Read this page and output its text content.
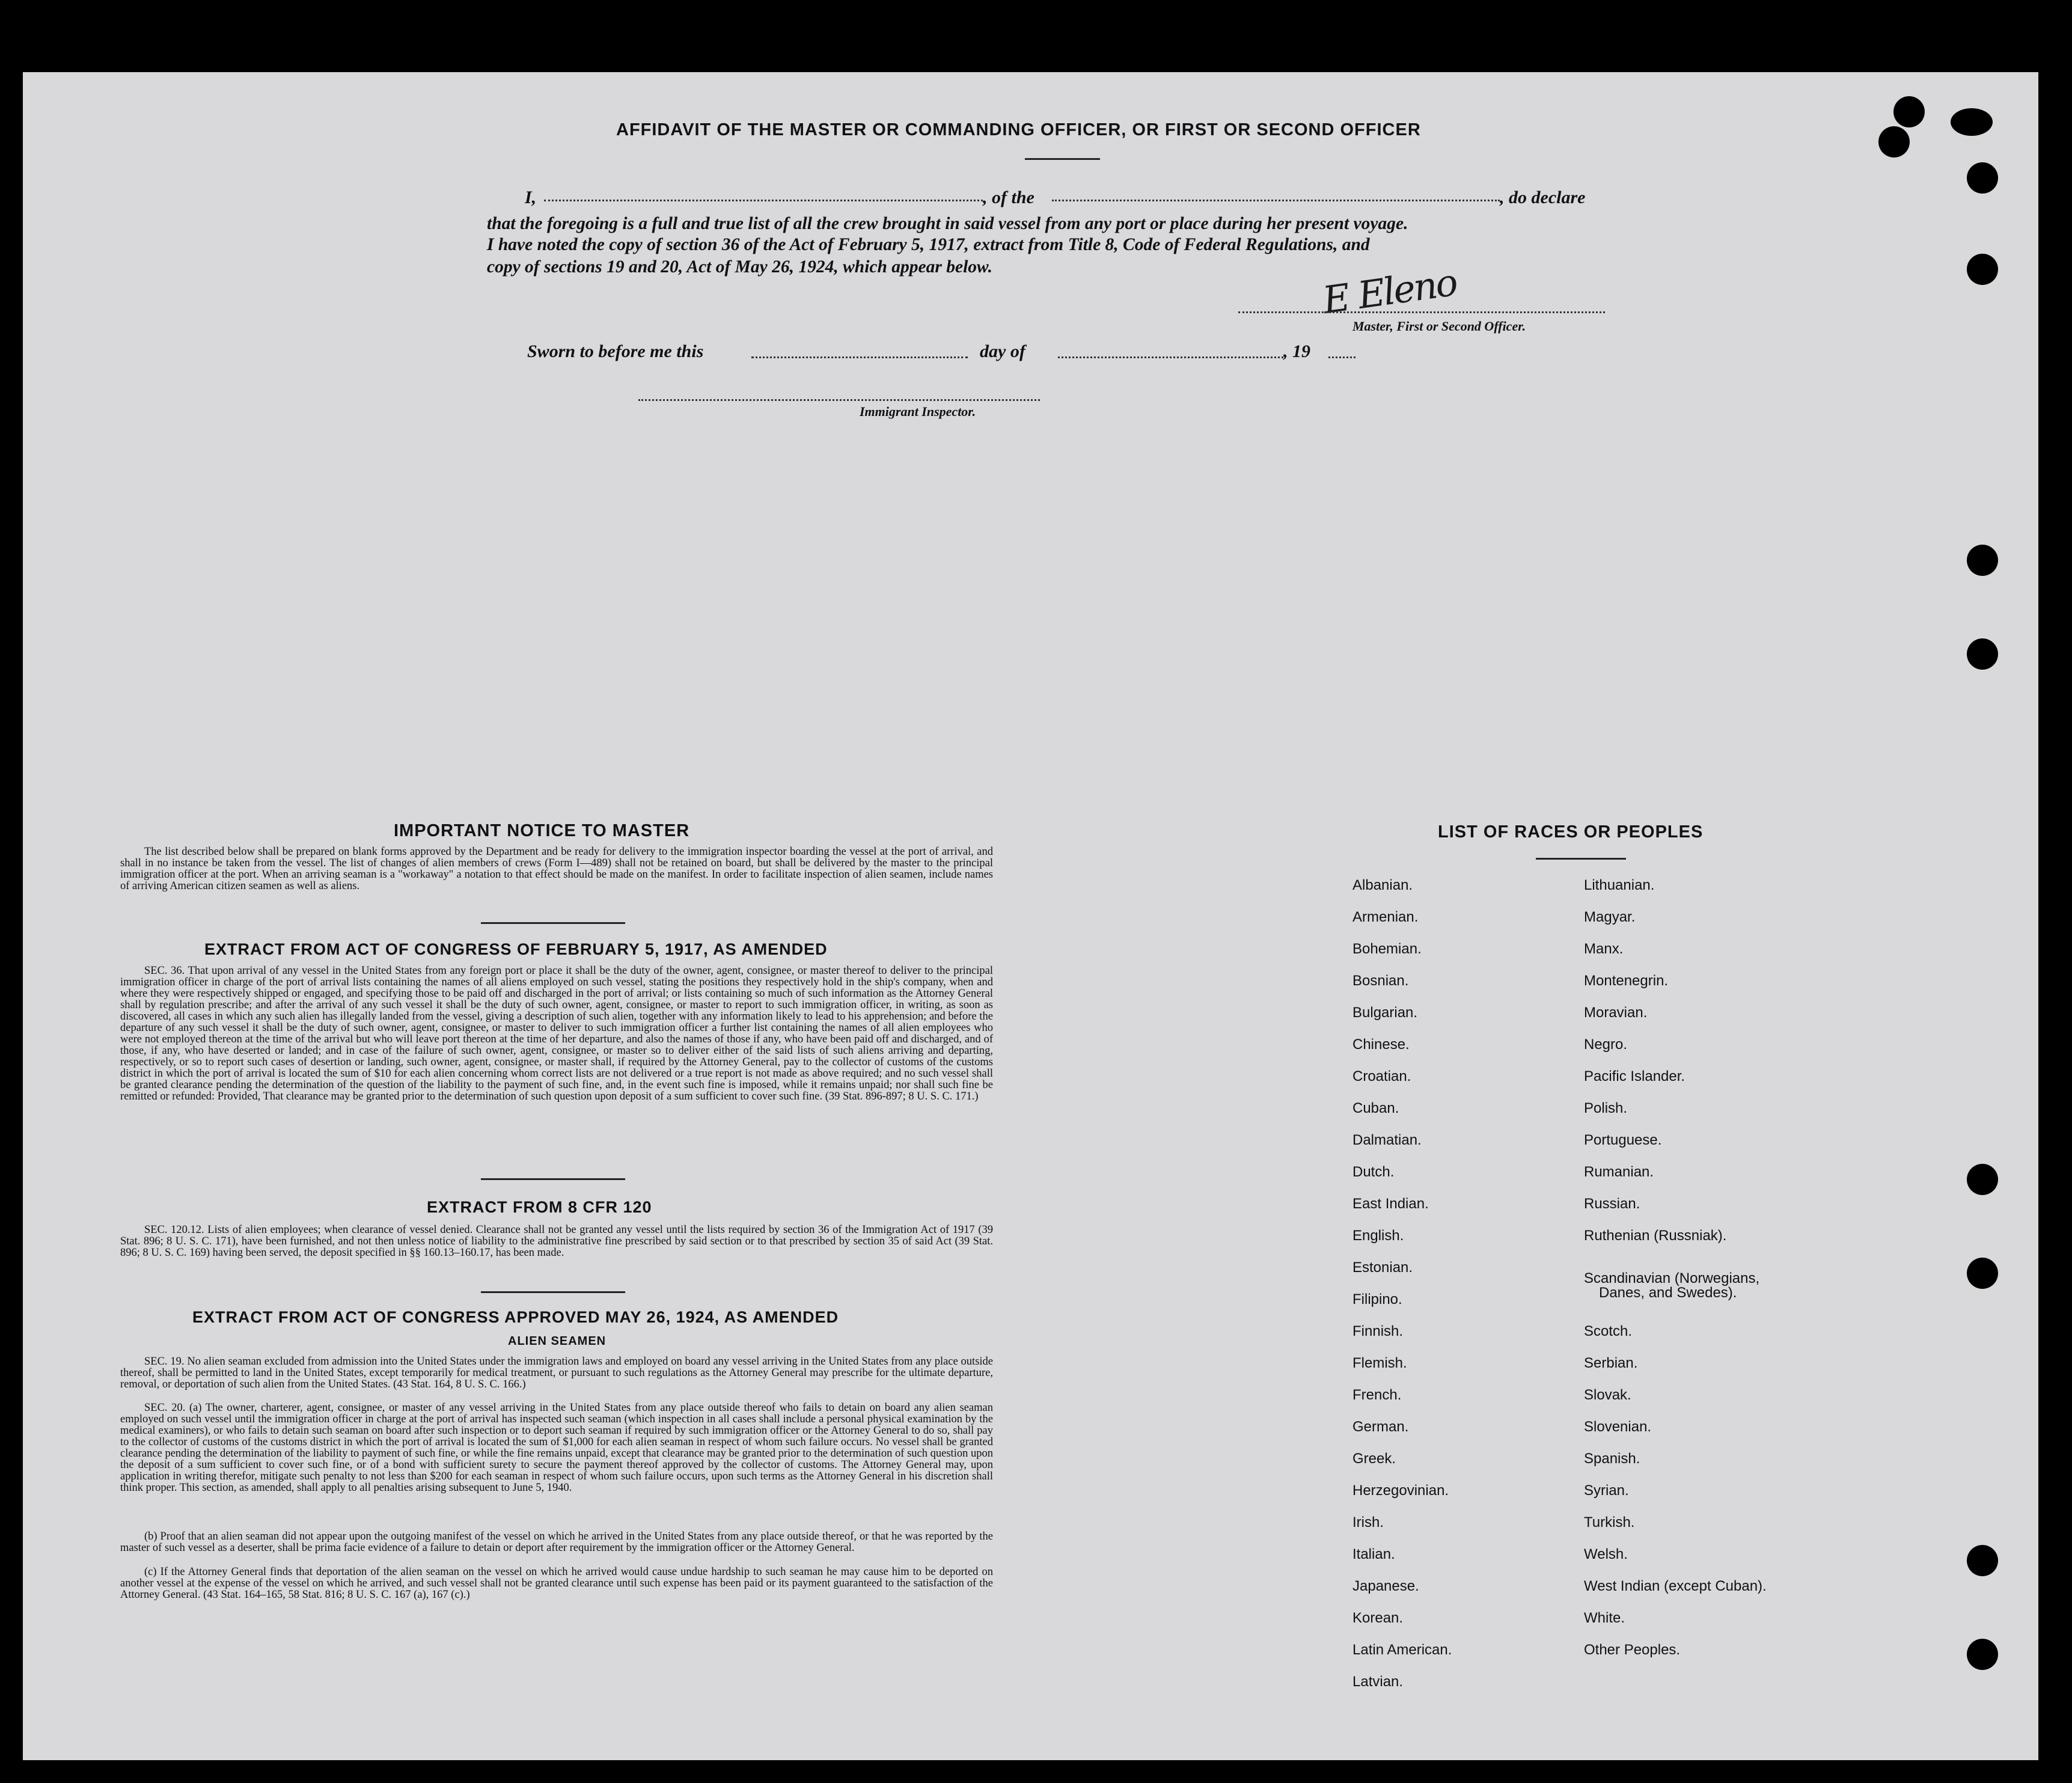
AFFIDAVIT OF THE MASTER OR COMMANDING OFFICER, OR FIRST OR SECOND OFFICER
I,	, of the	, do declare
that the foregoing is a full and true list of all the crew brought in said vessel from any port or place during her present voyage.
I have noted the copy of section 36 of the Act of February 5, 1917, extract from Title 8, Code of Federal Regulations, and
copy of sections 19 and 20, Act of May 26, 1924, which appear below.	E Eleno
Master, First or Second Officer.
Sworn to before me this	day of	, 19
Immigrant Inspector.
IMPORTANT NOTICE TO MASTER
The list described below shall be prepared on blank forms approved by the Department and be ready for delivery to the immigration inspector boarding the vessel at the port of arrival, and shall in no instance be taken from the vessel. The list of changes of alien members of crews (Form I—489) shall not be retained on board, but shall be delivered by the master to the principal immigration officer at the port. When an arriving seaman is a "workaway" a notation to that effect should be made on the manifest. In order to facilitate inspection of alien seamen, include names of arriving American citizen seamen as well as aliens.
EXTRACT FROM ACT OF CONGRESS OF FEBRUARY 5, 1917, AS AMENDED
SEC. 36. That upon arrival of any vessel in the United States from any foreign port or place it shall be the duty of the owner, agent, consignee, or master thereof to deliver to the principal immigration officer in charge of the port of arrival lists containing the names of all aliens employed on such vessel, stating the positions they respectively hold in the ship's company, when and where they were respectively shipped or engaged, and specifying those to be paid off and discharged in the port of arrival; or lists containing so much of such information as the Attorney General shall by regulation prescribe; and after the arrival of any such vessel it shall be the duty of such owner, agent, consignee, or master to report to such immigration officer, in writing, as soon as discovered, all cases in which any such alien has illegally landed from the vessel, giving a description of such alien, together with any information likely to lead to his apprehension; and before the departure of any such vessel it shall be the duty of such owner, agent, consignee, or master to deliver to such immigration officer a further list containing the names of all alien employees who were not employed thereon at the time of the arrival but who will leave port thereon at the time of her departure, and also the names of those if any, who have been paid off and discharged, and of those, if any, who have deserted or landed; and in case of the failure of such owner, agent, consignee, or master so to deliver either of the said lists of such aliens arriving and departing, respectively, or so to report such cases of desertion or landing, such owner, agent, consignee, or master shall, if required by the Attorney General, pay to the collector of customs of the customs district in which the port of arrival is located the sum of $10 for each alien concerning whom correct lists are not delivered or a true report is not made as above required; and no such vessel shall be granted clearance pending the determination of the question of the liability to the payment of such fine, and, in the event such fine is imposed, while it remains unpaid; nor shall such fine be remitted or refunded: Provided, That clearance may be granted prior to the determination of such question upon deposit of a sum sufficient to cover such fine. (39 Stat. 896-897; 8 U. S. C. 171.)
EXTRACT FROM 8 CFR 120
SEC. 120.12. Lists of alien employees; when clearance of vessel denied. Clearance shall not be granted any vessel until the lists required by section 36 of the Immigration Act of 1917 (39 Stat. 896; 8 U. S. C. 171), have been furnished, and not then unless notice of liability to the administrative fine prescribed by said section or to that prescribed by section 35 of said Act (39 Stat. 896; 8 U. S. C. 169) having been served, the deposit specified in §§ 160.13–160.17, has been made.
EXTRACT FROM ACT OF CONGRESS APPROVED MAY 26, 1924, AS AMENDED
ALIEN SEAMEN
SEC. 19. No alien seaman excluded from admission into the United States under the immigration laws and employed on board any vessel arriving in the United States from any place outside thereof, shall be permitted to land in the United States, except temporarily for medical treatment, or pursuant to such regulations as the Attorney General may prescribe for the ultimate departure, removal, or deportation of such alien from the United States. (43 Stat. 164, 8 U. S. C. 166.)
SEC. 20. (a) The owner, charterer, agent, consignee, or master of any vessel arriving in the United States from any place outside thereof who fails to detain on board any alien seaman employed on such vessel until the immigration officer in charge at the port of arrival has inspected such seaman (which inspection in all cases shall include a personal physical examination by the medical examiners), or who fails to detain such seaman on board after such inspection or to deport such seaman if required by such immigration officer or the Attorney General to do so, shall pay to the collector of customs of the customs district in which the port of arrival is located the sum of $1,000 for each alien seaman in respect of whom such failure occurs. No vessel shall be granted clearance pending the determination of the liability to payment of such fine, or while the fine remains unpaid, except that clearance may be granted prior to the determination of such question upon the deposit of a sum sufficient to cover such fine, or of a bond with sufficient surety to secure the payment thereof approved by the collector of customs. The Attorney General may, upon application in writing therefor, mitigate such penalty to not less than $200 for each seaman in respect of whom such failure occurs, upon such terms as the Attorney General in his discretion shall think proper. This section, as amended, shall apply to all penalties arising subsequent to June 5, 1940.
(b) Proof that an alien seaman did not appear upon the outgoing manifest of the vessel on which he arrived in the United States from any place outside thereof, or that he was reported by the master of such vessel as a deserter, shall be prima facie evidence of a failure to detain or deport after requirement by the immigration officer or the Attorney General.
(c) If the Attorney General finds that deportation of the alien seaman on the vessel on which he arrived would cause undue hardship to such seaman he may cause him to be deported on another vessel at the expense of the vessel on which he arrived, and such vessel shall not be granted clearance until such expense has been paid or its payment guaranteed to the satisfaction of the Attorney General. (43 Stat. 164–165, 58 Stat. 816; 8 U. S. C. 167 (a), 167 (c).)
LIST OF RACES OR PEOPLES
Albanian.
Armenian.
Bohemian.
Bosnian.
Bulgarian.
Chinese.
Croatian.
Cuban.
Dalmatian.
Dutch.
East Indian.
English.
Estonian.
Filipino.
Finnish.
Flemish.
French.
German.
Greek.
Herzegovinian.
Irish.
Italian.
Japanese.
Korean.
Latin American.
Latvian.
Lithuanian.
Magyar.
Manx.
Montenegrin.
Moravian.
Negro.
Pacific Islander.
Polish.
Portuguese.
Rumanian.
Russian.
Ruthenian (Russniak).
Scandinavian (Norwegians,
Danes, and Swedes).
Scotch.
Serbian.
Slovak.
Slovenian.
Spanish.
Syrian.
Turkish.
Welsh.
West Indian (except Cuban).
White.
Other Peoples.
